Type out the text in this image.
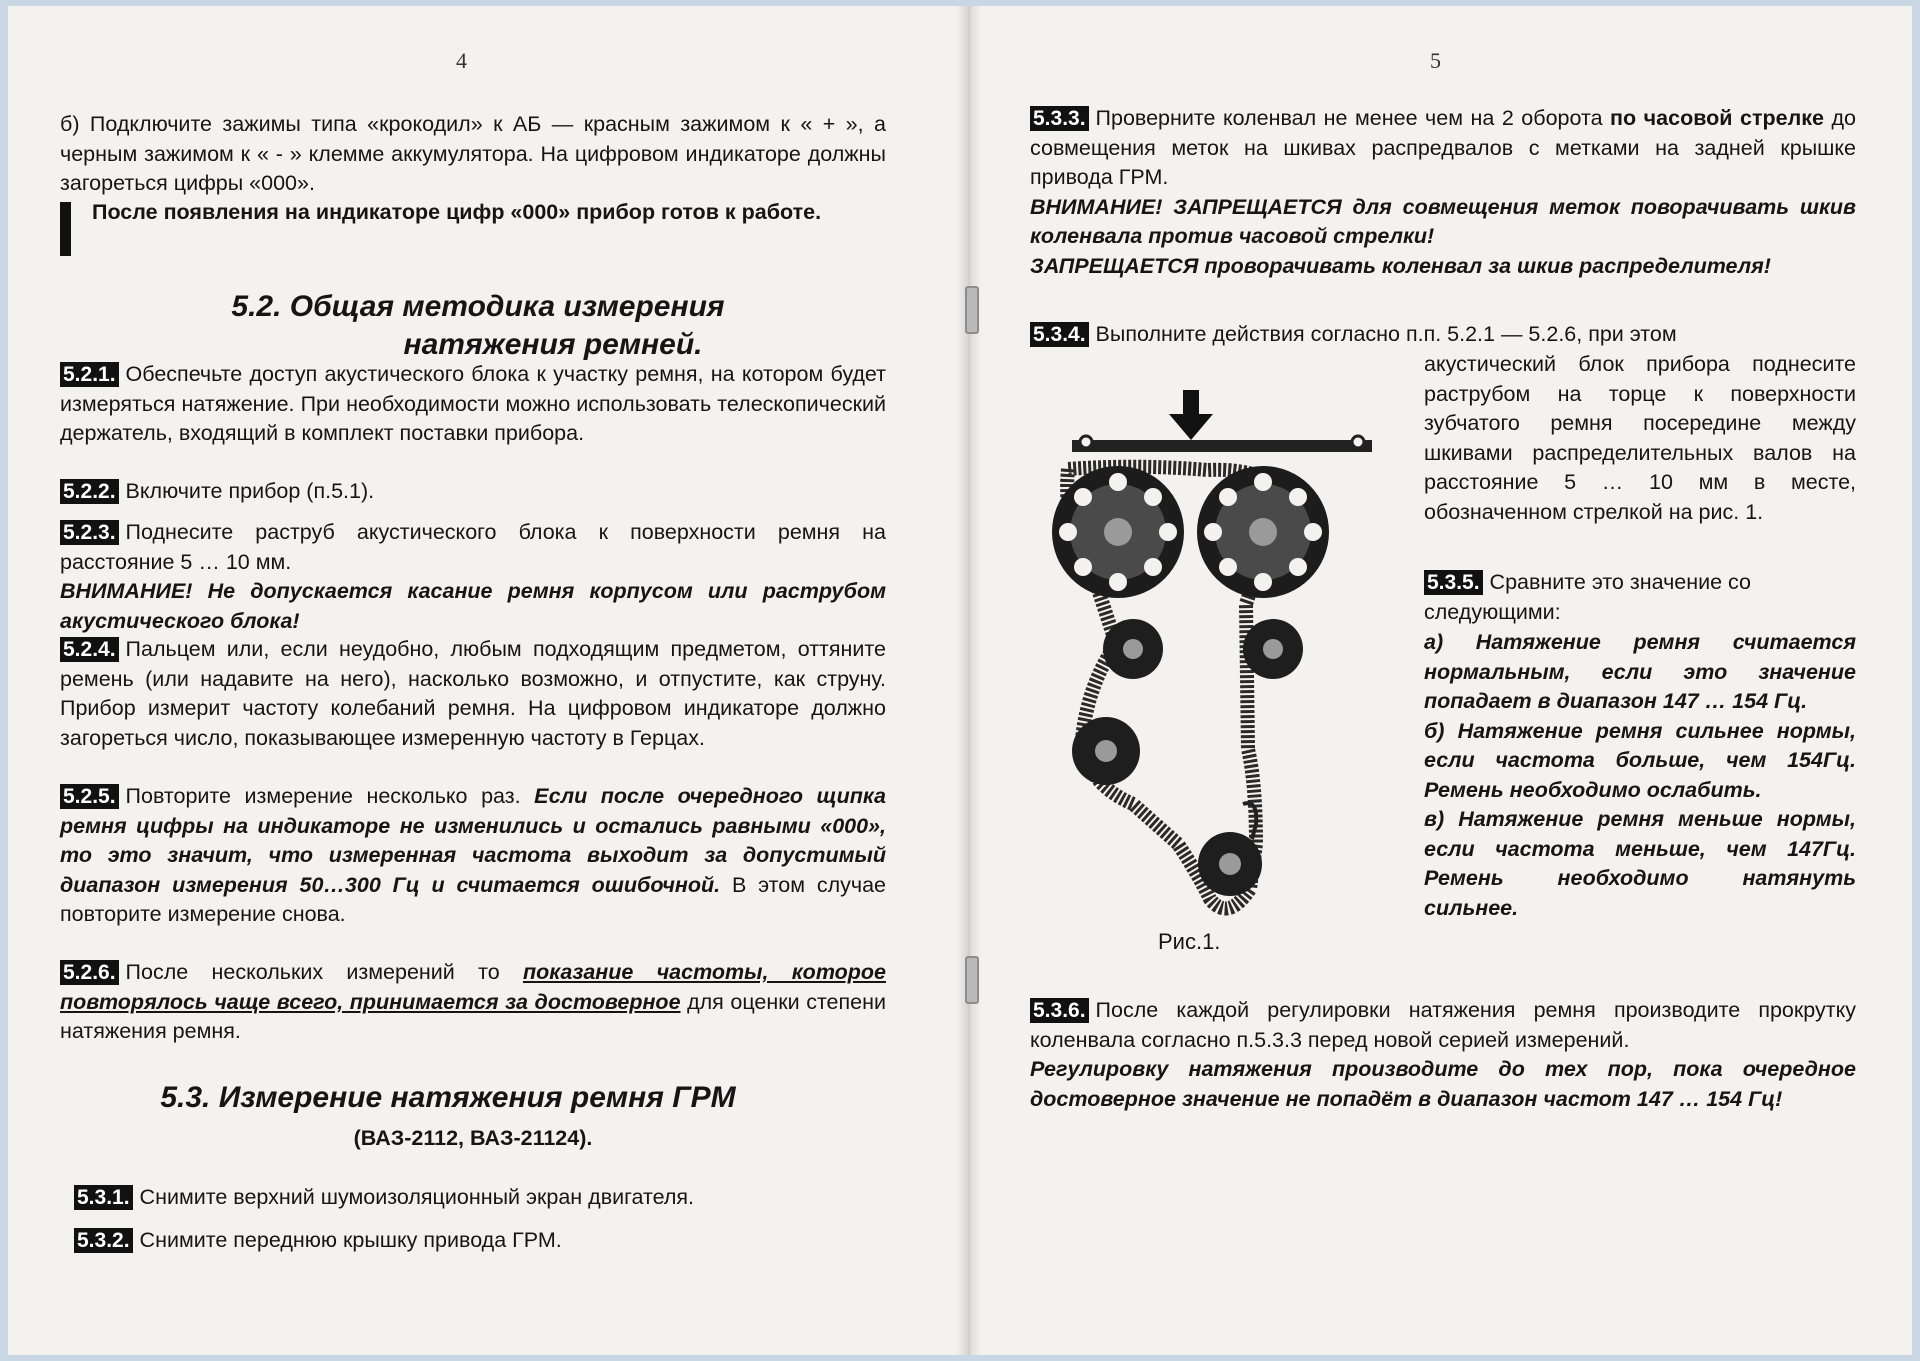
4
б) Подключите зажимы типа «крокодил» к АБ — красным зажимом к « + », а черным зажимом к « - » клемме аккумулятора. На цифровом индикаторе должны загореться цифры «000».
После появления на индикаторе цифр «000» прибор готов к работе.
5.2. Общая методика измерения
натяжения ремней.
5.2.1. Обеспечьте доступ акустического блока к участку ремня, на котором будет измеряться натяжение. При необходимости можно использовать телескопический держатель, входящий в комплект поставки прибора.
5.2.2. Включите прибор (п.5.1).
5.2.3. Поднесите раструб акустического блока к поверхности ремня на расстояние 5 … 10 мм.

ВНИМАНИЕ! Не допускается касание ремня корпусом или раструбом акустического блока!

5.2.4. Пальцем или, если неудобно, любым подходящим предметом, оттяните ремень (или надавите на него), насколько возможно, и отпустите, как струну. Прибор измерит частоту колебаний ремня. На цифровом индикаторе должно загореться число, показывающее измеренную частоту в Герцах.
5.2.5. Повторите измерение несколько раз. Если после очередного щипка ремня цифры на индикаторе не изменились и остались равными «000», то это значит, что измеренная частота выходит за допустимый диапазон измерения 50…300 Гц и считается ошибочной. В этом случае повторите измерение снова.
5.2.6. После нескольких измерений то показание частоты, которое повторялось чаще всего, принимается за достоверное для оценки степени натяжения ремня.
5.3. Измерение натяжения ремня ГРМ
(ВАЗ-2112, ВАЗ-21124).
5.3.1. Снимите верхний шумоизоляционный экран двигателя.
5.3.2. Снимите переднюю крышку привода ГРМ.
5
5.3.3. Проверните коленвал не менее чем на 2 оборота по часовой стрелке до совмещения меток на шкивах распредвалов с метками на задней крышке привода ГРМ.

ВНИМАНИЕ! ЗАПРЕЩАЕТСЯ для совмещения меток поворачивать шкив коленвала против часовой стрелки!

ЗАПРЕЩАЕТСЯ проворачивать коленвал за шкив распределителя!

5.3.4. Выполните действия согласно п.п. 5.2.1 — 5.2.6, при этом
акустический блок прибора поднесите раструбом на торце к поверхности зубчатого ремня посередине между шкивами распределительных валов на расстояние 5 … 10 мм в месте, обозначенном стрелкой на рис. 1.
5.3.5. Сравните это значение со следующими:

а) Натяжение ремня считается нормальным, если это значение попадает в диапазон 147 … 154 Гц.

б) Натяжение ремня сильнее нормы, если частота больше, чем 154Гц. Ремень необходимо ослабить.

в) Натяжение ремня меньше нормы, если частота меньше, чем 147Гц. Ремень необходимо натянуть сильнее.

Рис.1.
5.3.6. После каждой регулировки натяжения ремня производите прокрутку коленвала согласно п.5.3.3 перед новой серией измерений.

Регулировку натяжения производите до тех пор, пока очередное достоверное значение не попадёт в диапазон частот 147 … 154 Гц!
